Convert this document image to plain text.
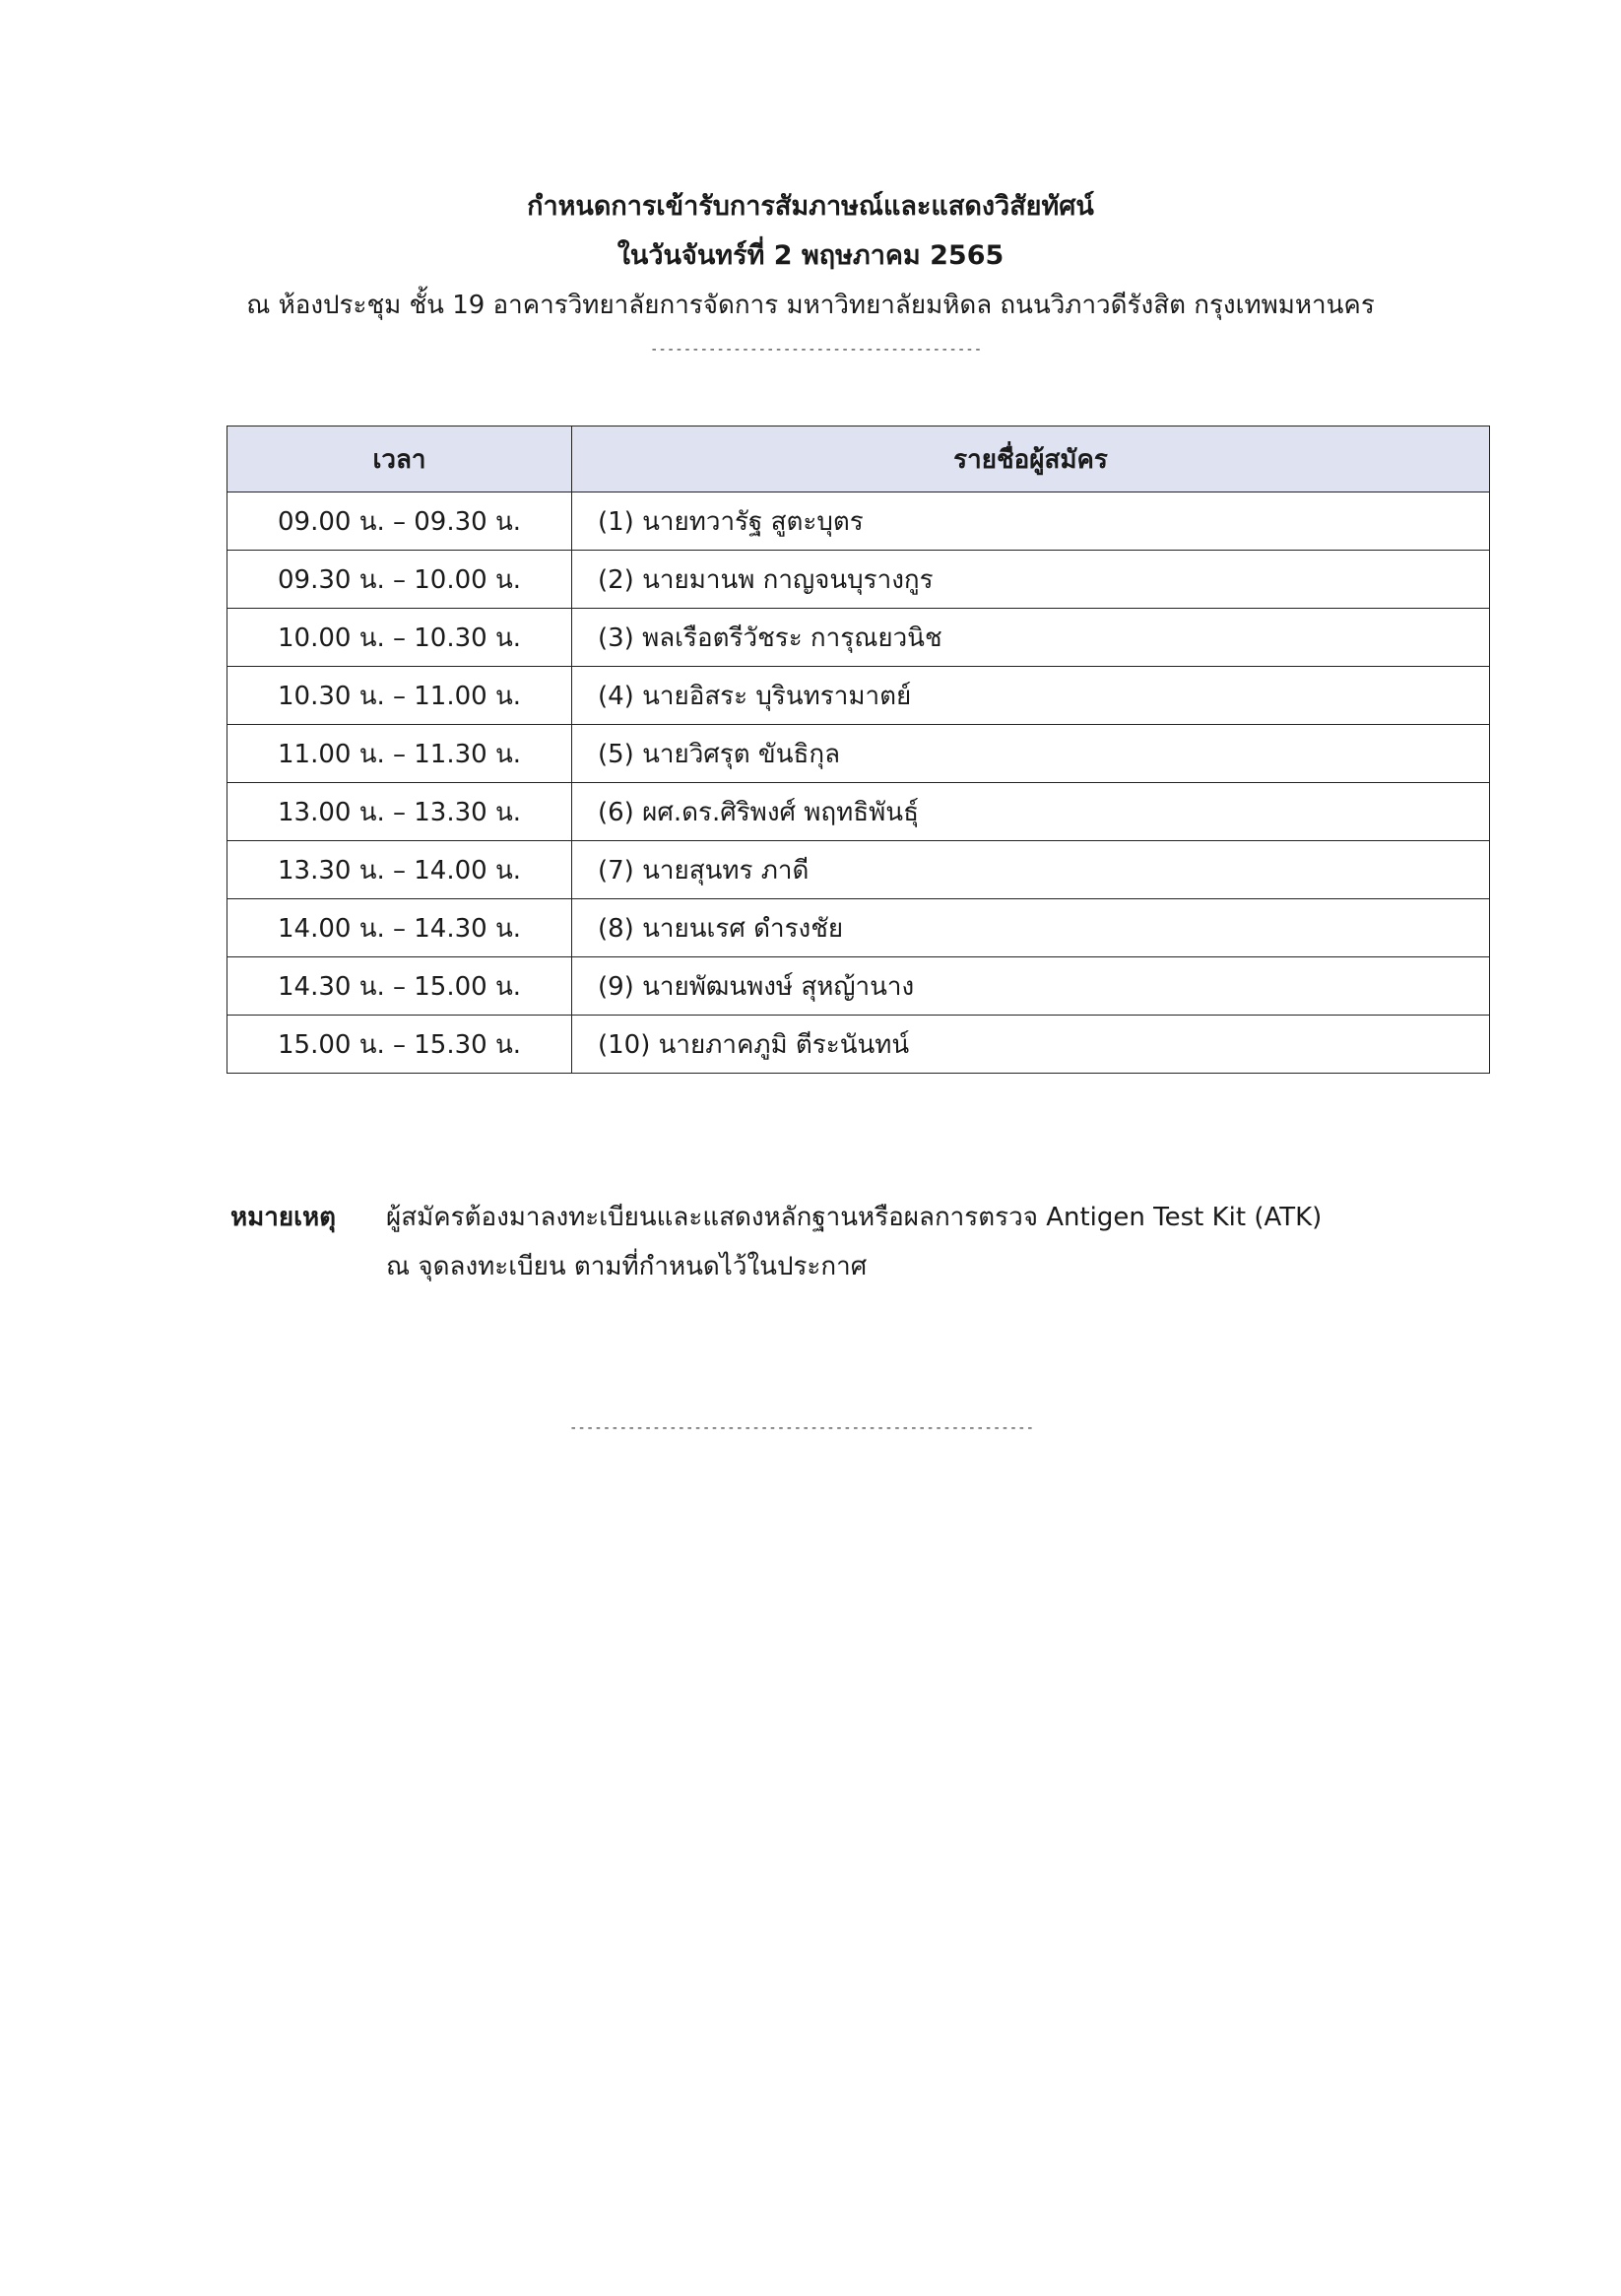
กำหนดการเข้ารับการสัมภาษณ์และแสดงวิสัยทัศน์
ในวันจันทร์ที่ 2 พฤษภาคม 2565
ณ ห้องประชุม ชั้น 19 อาคารวิทยาลัยการจัดการ มหาวิทยาลัยมหิดล ถนนวิภาวดีรังสิต กรุงเทพมหานคร
----------------------------------------
เวลา	รายชื่อผู้สมัคร
09.00 น. – 09.30 น.	(1) นายทวารัฐ สูตะบุตร
09.30 น. – 10.00 น.	(2) นายมานพ กาญจนบุรางกูร
10.00 น. – 10.30 น.	(3) พลเรือตรีวัชระ การุณยวนิช
10.30 น. – 11.00 น.	(4) นายอิสระ บุรินทรามาตย์
11.00 น. – 11.30 น.	(5) นายวิศรุต ขันธิกุล
13.00 น. – 13.30 น.	(6) ผศ.ดร.ศิริพงศ์ พฤทธิพันธุ์
13.30 น. – 14.00 น.	(7) นายสุนทร ภาดี
14.00 น. – 14.30 น.	(8) นายนเรศ ดำรงชัย
14.30 น. – 15.00 น.	(9) นายพัฒนพงษ์ สุหญ้านาง
15.00 น. – 15.30 น.	(10) นายภาคภูมิ ตีระนันทน์
หมายเหตุ ผู้สมัครต้องมาลงทะเบียนและแสดงหลักฐานหรือผลการตรวจ Antigen Test Kit (ATK)
ณ จุดลงทะเบียน ตามที่กำหนดไว้ในประกาศ
--------------------------------------------------------
